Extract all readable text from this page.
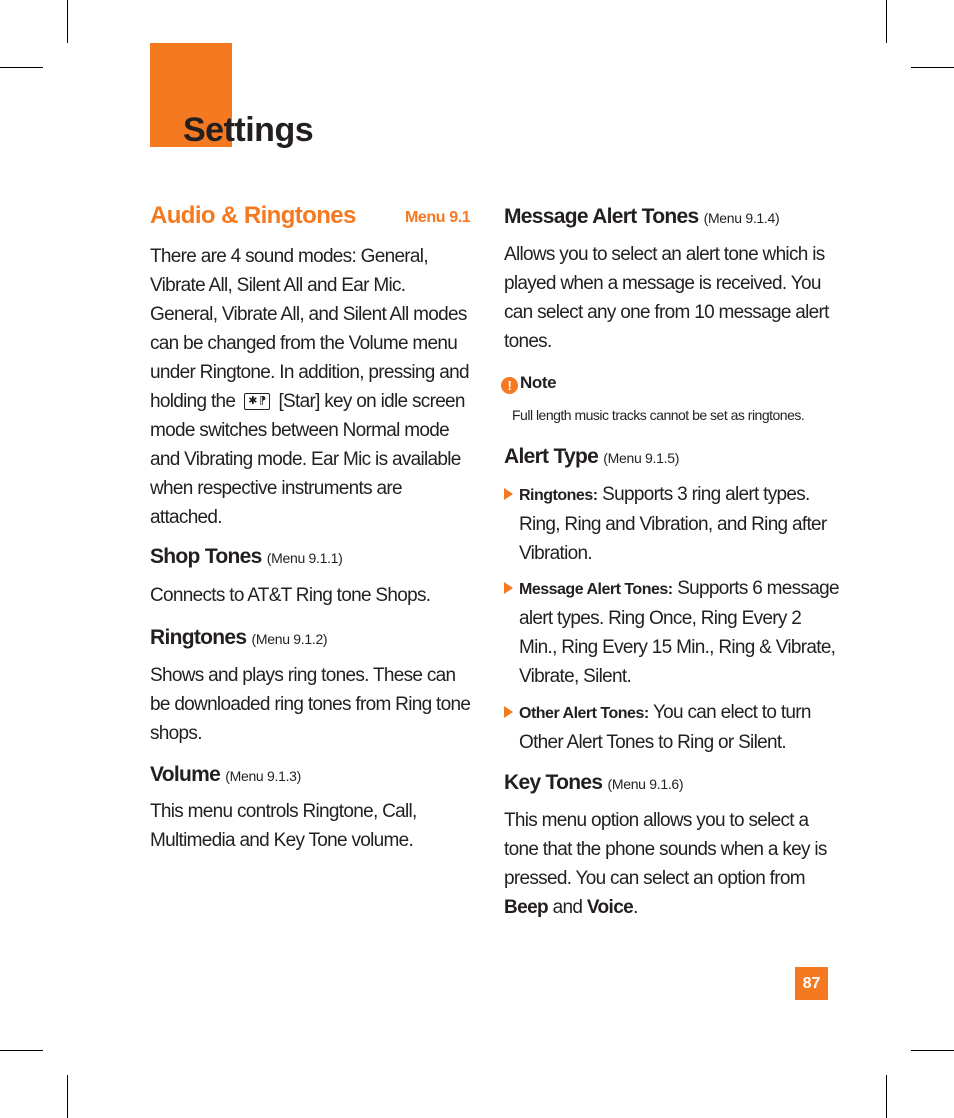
Settings
Audio & Ringtones	Menu 9.1

There are 4 sound modes: General, Vibrate All, Silent All and Ear Mic. General, Vibrate All, and Silent All modes can be changed from the Volume menu under Ringtone. In addition, pressing and holding the ✱ ⁋ [Star] key on idle screen mode switches between Normal mode and Vibrating mode. Ear Mic is available when respective instruments are attached.

Shop Tones (Menu 9.1.1)

Connects to AT&T Ring tone Shops.

Ringtones (Menu 9.1.2)

Shows and plays ring tones. These can be downloaded ring tones from Ring tone shops.

Volume (Menu 9.1.3)

This menu controls Ringtone, Call, Multimedia and Key Tone volume.

Message Alert Tones (Menu 9.1.4)

Allows you to select an alert tone which is played when a message is received. You can select any one from 10 message alert tones.

! Note
Full length music tracks cannot be set as ringtones.
Alert Type (Menu 9.1.5)

Ringtones: Supports 3 ring alert types. Ring, Ring and Vibration, and Ring after Vibration.

Message Alert Tones: Supports 6 message alert types. Ring Once, Ring Every 2 Min., Ring Every 15 Min., Ring & Vibrate, Vibrate, Silent.

Other Alert Tones: You can elect to turn Other Alert Tones to Ring or Silent.

Key Tones (Menu 9.1.6)

This menu option allows you to select a tone that the phone sounds when a key is pressed. You can select an option from Beep and Voice.

87
